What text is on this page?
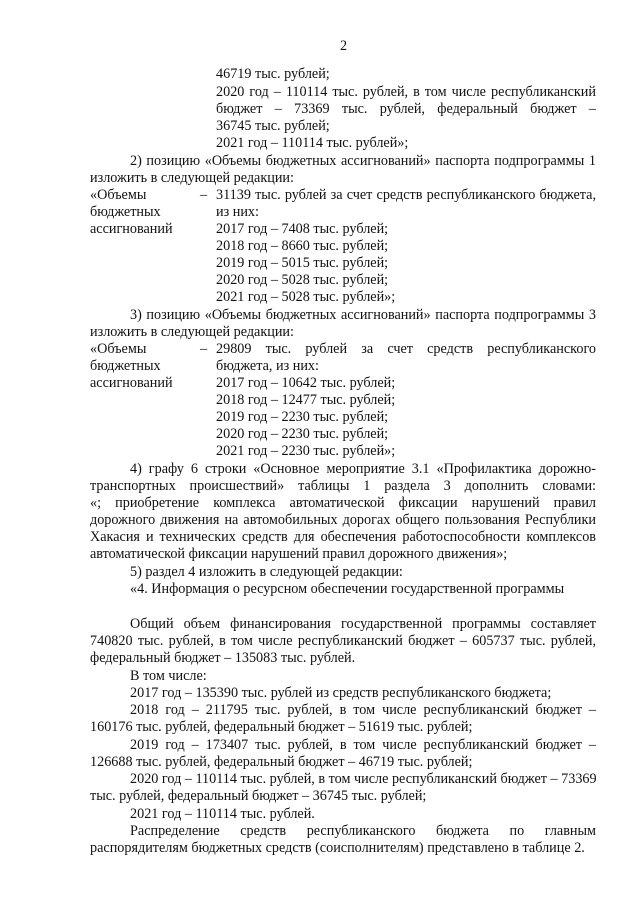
2
46719 тыс. рублей;
2020 год – 110114 тыс. рублей, в том числе республиканский
бюджет – 73369 тыс. рублей, федеральный бюджет –
36745 тыс. рублей;
2021 год – 110114 тыс. рублей»;
2) позицию «Объемы бюджетных ассигнований» паспорта подпрограммы 1
изложить в следующей редакции:
«Объемы
бюджетных
ассигнований
– 31139 тыс. рублей за счет средств республиканского бюджета,
из них:
2017 год – 7408 тыс. рублей;
2018 год – 8660 тыс. рублей;
2019 год – 5015 тыс. рублей;
2020 год – 5028 тыс. рублей;
2021 год – 5028 тыс. рублей»;
3) позицию «Объемы бюджетных ассигнований» паспорта подпрограммы 3
изложить в следующей редакции:
«Объемы
бюджетных
ассигнований
– 29809 тыс. рублей за счет средств республиканского
бюджета, из них:
2017 год – 10642 тыс. рублей;
2018 год – 12477 тыс. рублей;
2019 год – 2230 тыс. рублей;
2020 год – 2230 тыс. рублей;
2021 год – 2230 тыс. рублей»;
4) графу 6 строки «Основное мероприятие 3.1 «Профилактика дорожно-
транспортных происшествий» таблицы 1 раздела 3 дополнить словами:
«; приобретение комплекса автоматической фиксации нарушений правил
дорожного движения на автомобильных дорогах общего пользования Республики
Хакасия и технических средств для обеспечения работоспособности комплексов
автоматической фиксации нарушений правил дорожного движения»;
5) раздел 4 изложить в следующей редакции:
«4. Информация о ресурсном обеспечении государственной программы
Общий объем финансирования государственной программы составляет
740820 тыс. рублей, в том числе республиканский бюджет – 605737 тыс. рублей,
федеральный бюджет – 135083 тыс. рублей.
В том числе:
2017 год – 135390 тыс. рублей из средств республиканского бюджета;
2018 год – 211795 тыс. рублей, в том числе республиканский бюджет –
160176 тыс. рублей, федеральный бюджет – 51619 тыс. рублей;
2019 год – 173407 тыс. рублей, в том числе республиканский бюджет –
126688 тыс. рублей, федеральный бюджет – 46719 тыс. рублей;
2020 год – 110114 тыс. рублей, в том числе республиканский бюджет – 73369
тыс. рублей, федеральный бюджет – 36745 тыс. рублей;
2021 год – 110114 тыс. рублей.
Распределение средств республиканского бюджета по главным
распорядителям бюджетных средств (соисполнителям) представлено в таблице 2.
